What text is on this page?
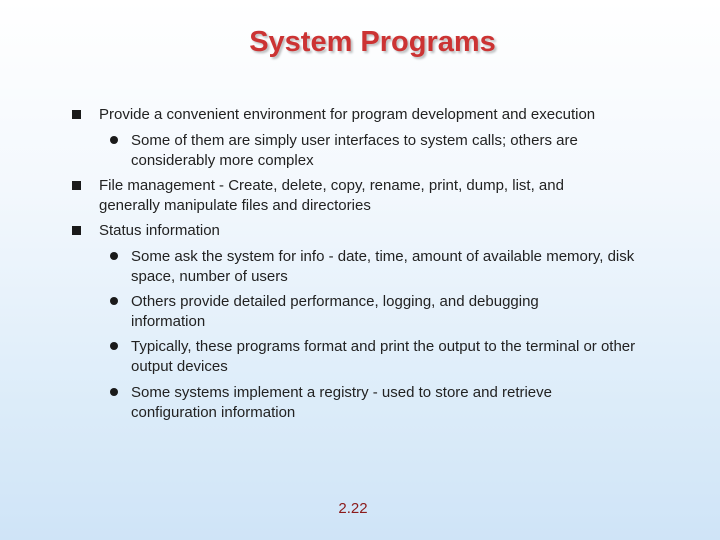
System Programs
Provide a convenient environment for program development and execution
Some of them are simply user interfaces to system calls; others are considerably more complex
File management - Create, delete, copy, rename, print, dump, list, and generally manipulate files and directories
Status information
Some ask the system for info - date, time, amount of available memory, disk space, number of users
Others provide detailed performance, logging, and debugging information
Typically, these programs format and print the output to the terminal or other output devices
Some systems implement a registry - used to store and retrieve configuration information
2.22
